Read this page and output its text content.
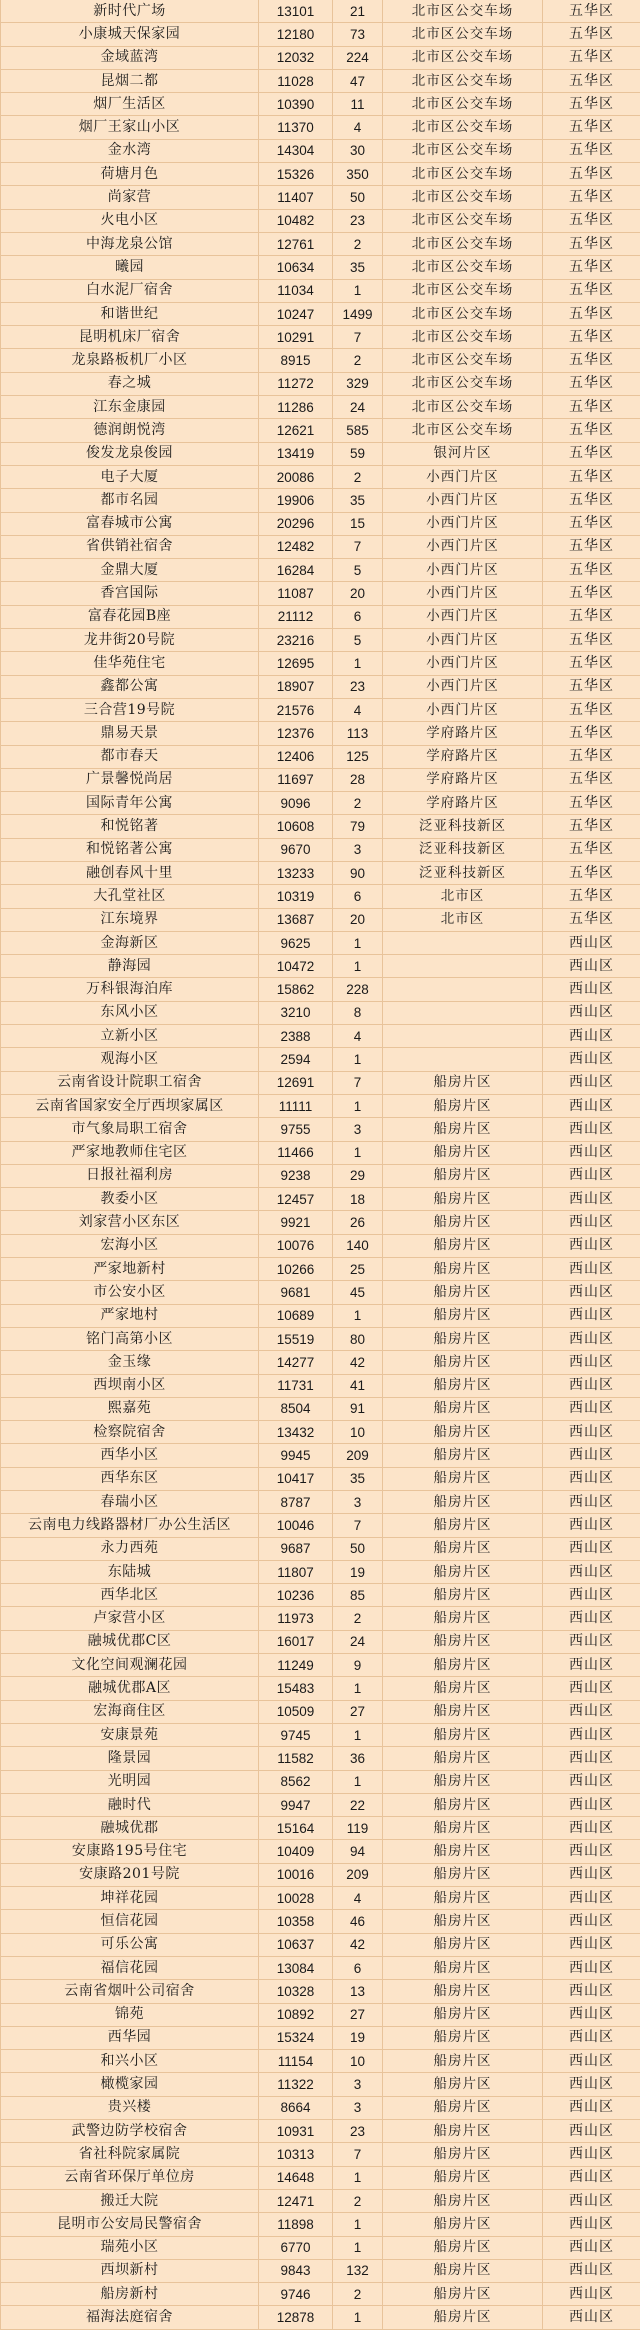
新时代广场	13101	21	北市区公交车场	五华区
小康城天保家园	12180	73	北市区公交车场	五华区
金域蓝湾	12032	224	北市区公交车场	五华区
昆烟二都	11028	47	北市区公交车场	五华区
烟厂生活区	10390	11	北市区公交车场	五华区
烟厂王家山小区	11370	4	北市区公交车场	五华区
金水湾	14304	30	北市区公交车场	五华区
荷塘月色	15326	350	北市区公交车场	五华区
尚家营	11407	50	北市区公交车场	五华区
火电小区	10482	23	北市区公交车场	五华区
中海龙泉公馆	12761	2	北市区公交车场	五华区
曦园	10634	35	北市区公交车场	五华区
白水泥厂宿舍	11034	1	北市区公交车场	五华区
和谐世纪	10247	1499	北市区公交车场	五华区
昆明机床厂宿舍	10291	7	北市区公交车场	五华区
龙泉路板机厂小区	8915	2	北市区公交车场	五华区
春之城	11272	329	北市区公交车场	五华区
江东金康园	11286	24	北市区公交车场	五华区
德润朗悦湾	12621	585	北市区公交车场	五华区
俊发龙泉俊园	13419	59	银河片区	五华区
电子大厦	20086	2	小西门片区	五华区
都市名园	19906	35	小西门片区	五华区
富春城市公寓	20296	15	小西门片区	五华区
省供销社宿舍	12482	7	小西门片区	五华区
金鼎大厦	16284	5	小西门片区	五华区
香宫国际	11087	20	小西门片区	五华区
富春花园B座	21112	6	小西门片区	五华区
龙井街20号院	23216	5	小西门片区	五华区
佳华苑住宅	12695	1	小西门片区	五华区
鑫都公寓	18907	23	小西门片区	五华区
三合营19号院	21576	4	小西门片区	五华区
鼎易天景	12376	113	学府路片区	五华区
都市春天	12406	125	学府路片区	五华区
广景馨悦尚居	11697	28	学府路片区	五华区
国际青年公寓	9096	2	学府路片区	五华区
和悦铭著	10608	79	泛亚科技新区	五华区
和悦铭著公寓	9670	3	泛亚科技新区	五华区
融创春风十里	13233	90	泛亚科技新区	五华区
大孔堂社区	10319	6	北市区	五华区
江东境界	13687	20	北市区	五华区
金海新区	9625	1		西山区
静海园	10472	1		西山区
万科银海泊库	15862	228		西山区
东风小区	3210	8		西山区
立新小区	2388	4		西山区
观海小区	2594	1		西山区
云南省设计院职工宿舍	12691	7	船房片区	西山区
云南省国家安全厅西坝家属区	11111	1	船房片区	西山区
市气象局职工宿舍	9755	3	船房片区	西山区
严家地教师住宅区	11466	1	船房片区	西山区
日报社福利房	9238	29	船房片区	西山区
教委小区	12457	18	船房片区	西山区
刘家营小区东区	9921	26	船房片区	西山区
宏海小区	10076	140	船房片区	西山区
严家地新村	10266	25	船房片区	西山区
市公安小区	9681	45	船房片区	西山区
严家地村	10689	1	船房片区	西山区
铭门高第小区	15519	80	船房片区	西山区
金玉缘	14277	42	船房片区	西山区
西坝南小区	11731	41	船房片区	西山区
熙嘉苑	8504	91	船房片区	西山区
检察院宿舍	13432	10	船房片区	西山区
西华小区	9945	209	船房片区	西山区
西华东区	10417	35	船房片区	西山区
春瑞小区	8787	3	船房片区	西山区
云南电力线路器材厂办公生活区	10046	7	船房片区	西山区
永力西苑	9687	50	船房片区	西山区
东陆城	11807	19	船房片区	西山区
西华北区	10236	85	船房片区	西山区
卢家营小区	11973	2	船房片区	西山区
融城优郡C区	16017	24	船房片区	西山区
文化空间观澜花园	11249	9	船房片区	西山区
融城优郡A区	15483	1	船房片区	西山区
宏海商住区	10509	27	船房片区	西山区
安康景苑	9745	1	船房片区	西山区
隆景园	11582	36	船房片区	西山区
光明园	8562	1	船房片区	西山区
融时代	9947	22	船房片区	西山区
融城优郡	15164	119	船房片区	西山区
安康路195号住宅	10409	94	船房片区	西山区
安康路201号院	10016	209	船房片区	西山区
坤祥花园	10028	4	船房片区	西山区
恒信花园	10358	46	船房片区	西山区
可乐公寓	10637	42	船房片区	西山区
福信花园	13084	6	船房片区	西山区
云南省烟叶公司宿舍	10328	13	船房片区	西山区
锦苑	10892	27	船房片区	西山区
西华园	15324	19	船房片区	西山区
和兴小区	11154	10	船房片区	西山区
橄榄家园	11322	3	船房片区	西山区
贵兴楼	8664	3	船房片区	西山区
武警边防学校宿舍	10931	23	船房片区	西山区
省社科院家属院	10313	7	船房片区	西山区
云南省环保厅单位房	14648	1	船房片区	西山区
搬迁大院	12471	2	船房片区	西山区
昆明市公安局民警宿舍	11898	1	船房片区	西山区
瑞苑小区	6770	1	船房片区	西山区
西坝新村	9843	132	船房片区	西山区
船房新村	9746	2	船房片区	西山区
福海法庭宿舍	12878	1	船房片区	西山区
